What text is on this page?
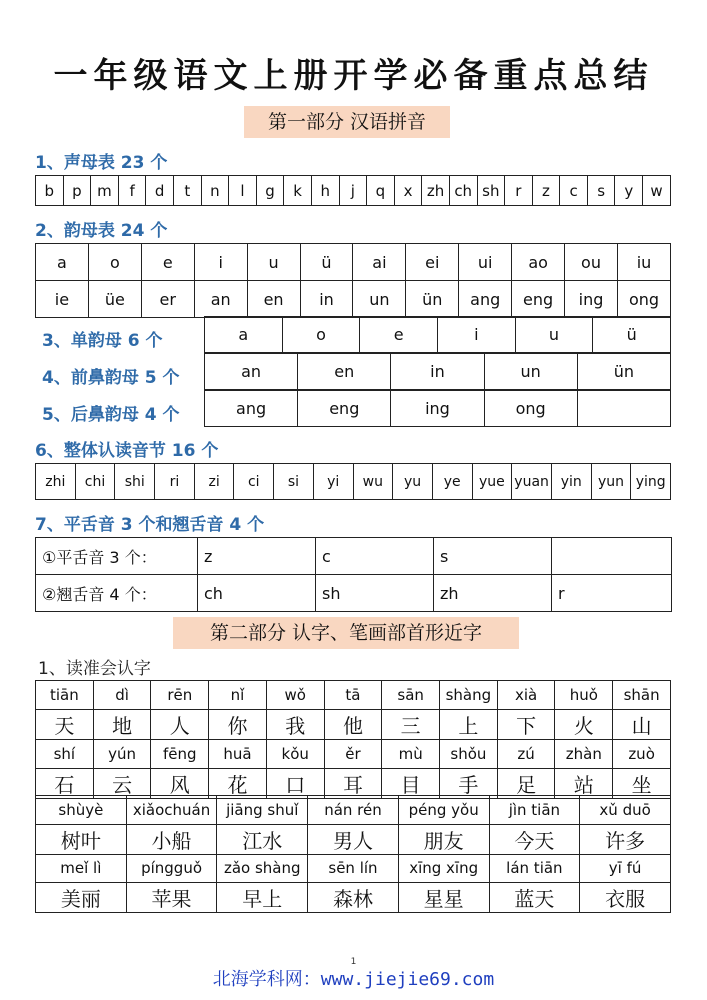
一年级语文上册开学必备重点总结
第一部分 汉语拼音
1、声母表 23 个
b	p	m	f	d	t	n	l	g	k	h	j	q	x	zh	ch	sh	r	z	c	s	y	w
2、韵母表 24 个
a	o	e	i	u	ü	ai	ei	ui	ao	ou	iu
ie	üe	er	an	en	in	un	ün	ang	eng	ing	ong
3、单韵母 6 个	a	o	e	i	u	ü
4、前鼻韵母 5 个	an	en	in	un	ün
5、后鼻韵母 4 个	ang	eng	ing	ong	
6、整体认读音节 16 个
zhi	chi	shi	ri	zi	ci	si	yi	wu	yu	ye	yue	yuan	yin	yun	ying
7、平舌音 3 个和翘舌音 4 个
①平舌音 3 个：	z	c	s	
②翘舌音 4 个：	ch	sh	zh	r
第二部分 认字、笔画部首形近字
1、读准会认字
tiān	dì	rēn	nǐ	wǒ	tā	sān	shàng	xià	huǒ	shān
天	地	人	你	我	他	三	上	下	火	山
shí	yún	fēng	huā	kǒu	ěr	mù	shǒu	zú	zhàn	zuò
石	云	风	花	口	耳	目	手	足	站	坐
shùyè	xiǎochuán	jiāng shuǐ	nán rén	péng yǒu	jìn tiān	xǔ duō
树叶	小船	江水	男人	朋友	今天	许多
meǐ lì	píngguǒ	zǎo shàng	sēn lín	xīng xīng	lán tiān	yī fú
美丽	苹果	早上	森林	星星	蓝天	衣服
1
北海学科网：www.jiejie69.com
